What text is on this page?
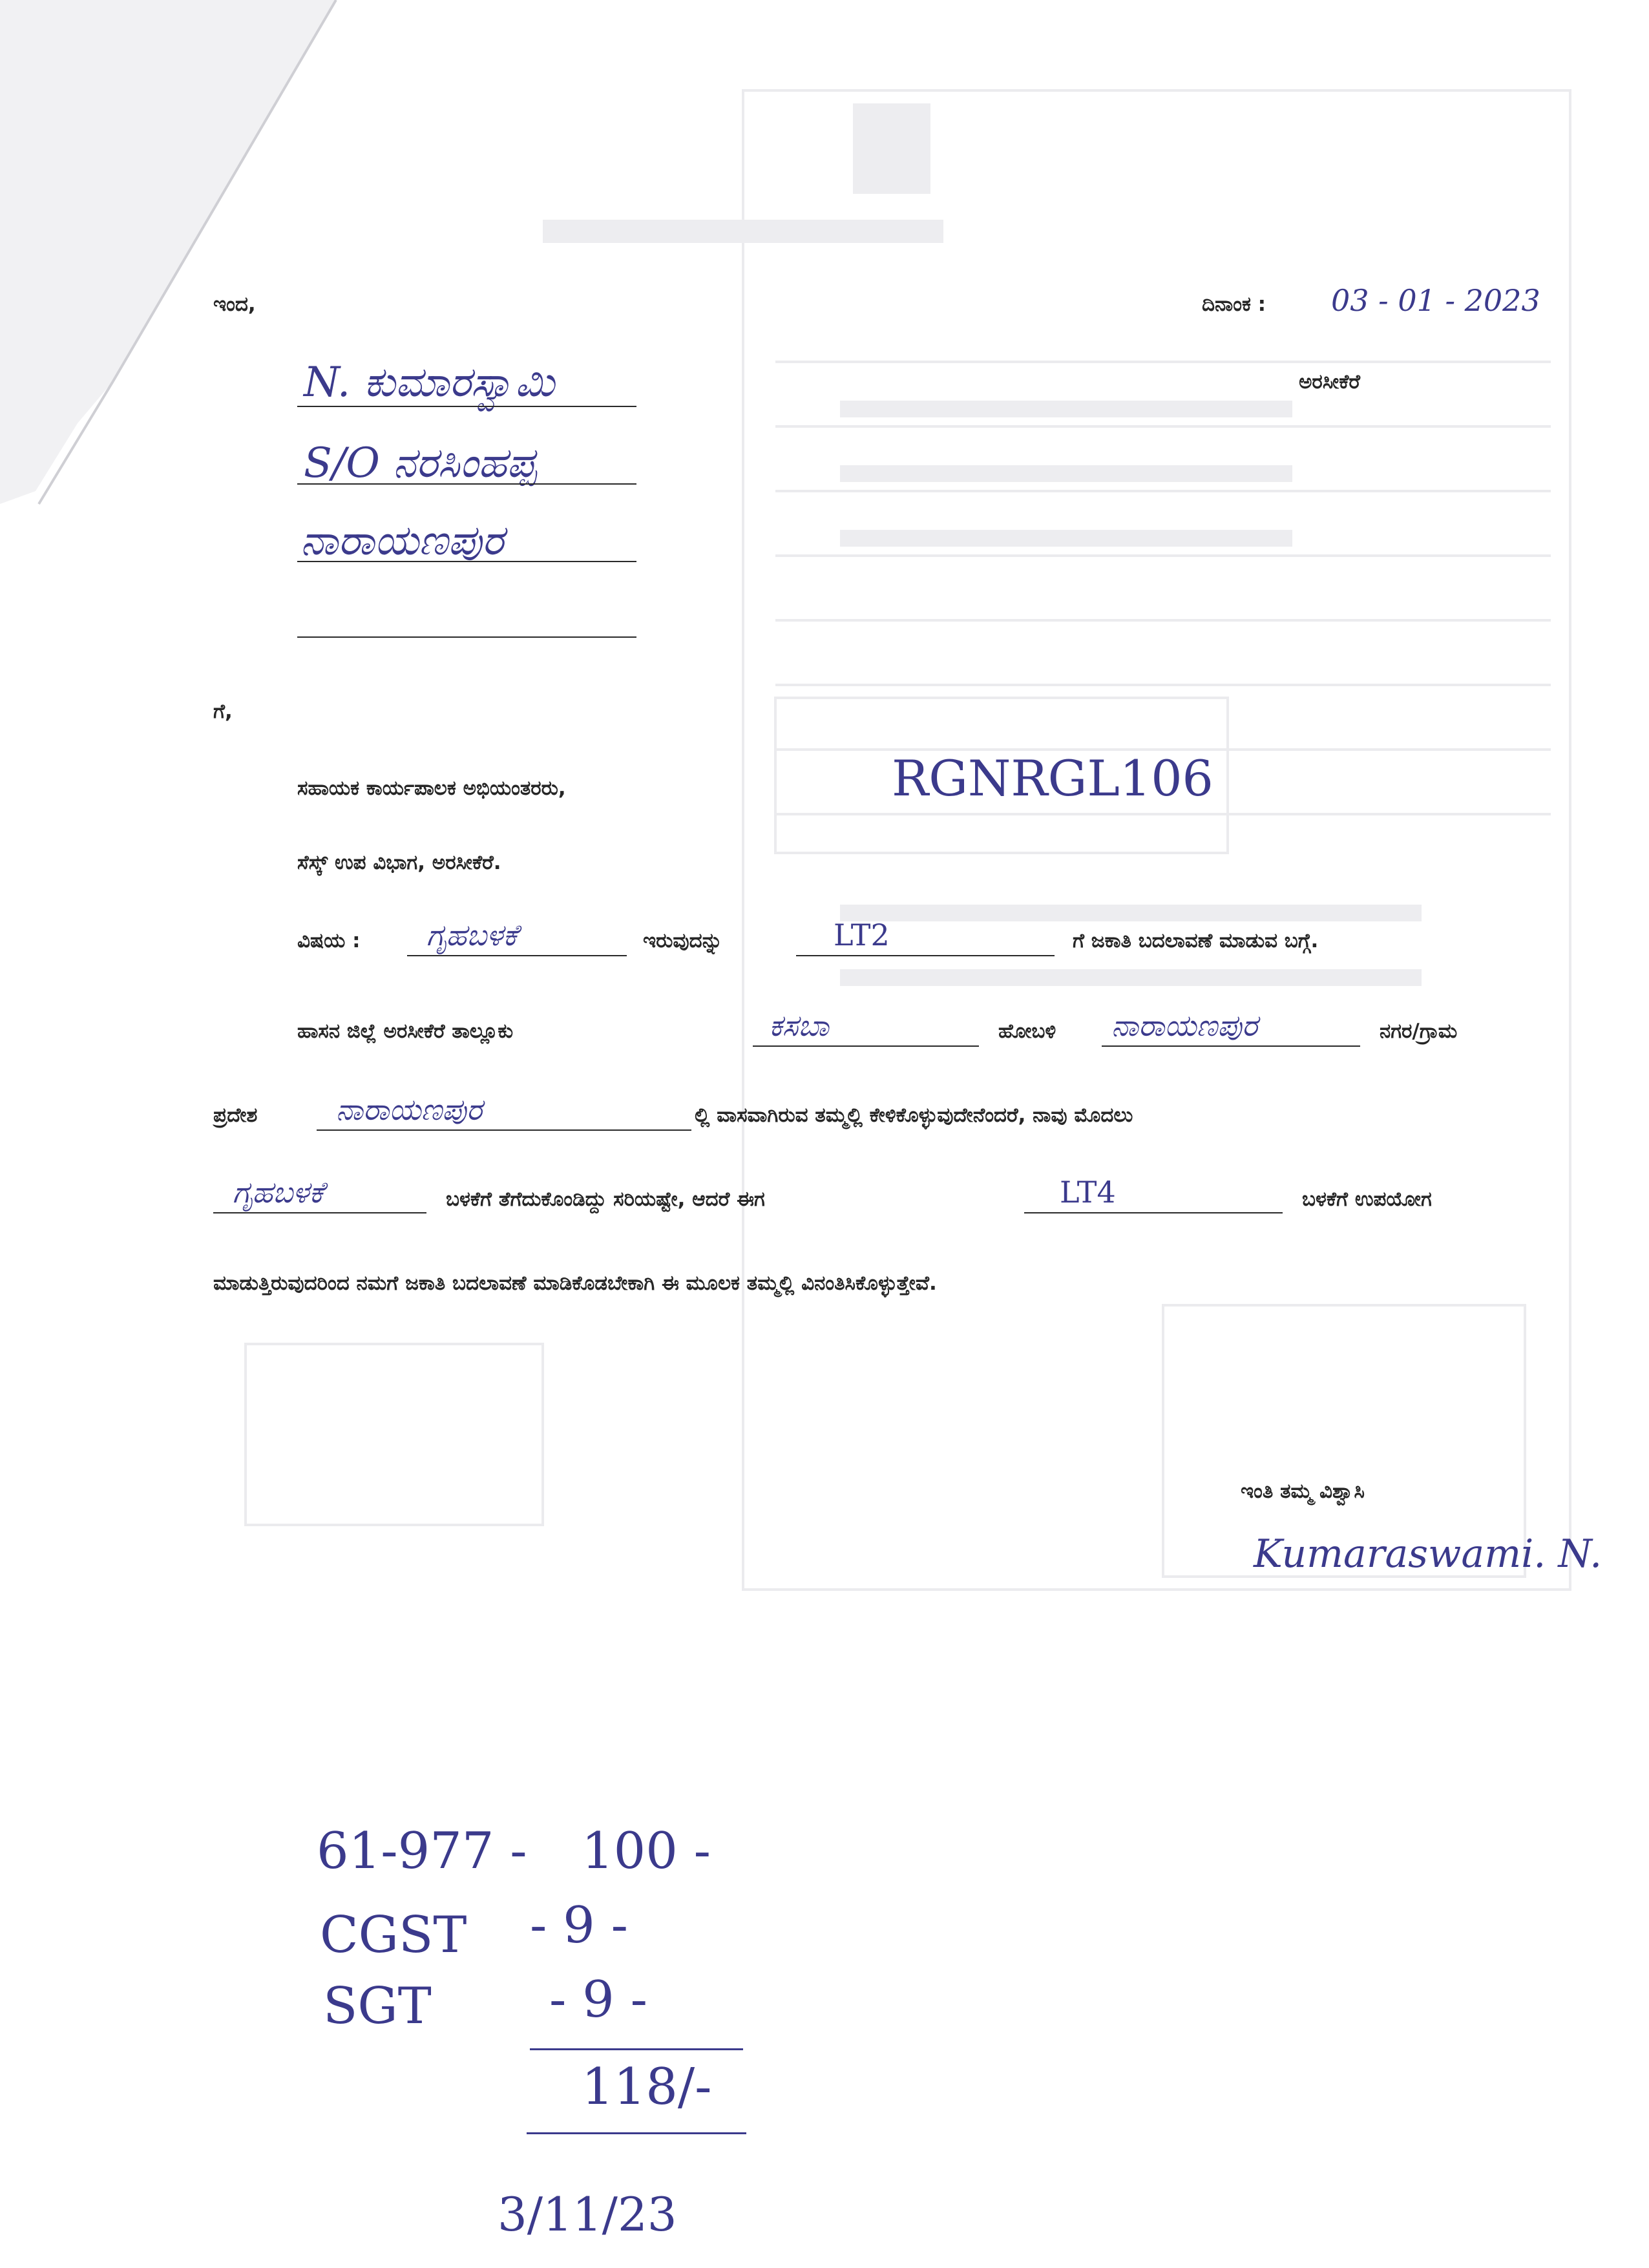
ಇಂದ,	ದಿನಾಂಕ : 03 - 01 - 2023
ಅರಸೀಕೆರೆ
N. ಕುಮಾರಸ್ವಾಮಿ
S/O ನರಸಿಂಹಪ್ಪ
ನಾರಾಯಣಪುರ
ಗೆ,
ಸಹಾಯಕ ಕಾರ್ಯಪಾಲಕ ಅಭಿಯಂತರರು,	RGNRGL106
ಸೆಸ್ಕ್ ಉಪ ವಿಭಾಗ, ಅರಸೀಕೆರೆ.
ವಿಷಯ : ಗೃಹಬಳಕೆ	ಇರುವುದನ್ನು	LT2	ಗೆ ಜಕಾತಿ ಬದಲಾವಣೆ ಮಾಡುವ ಬಗ್ಗೆ.
ಹಾಸನ ಜಿಲ್ಲೆ ಅರಸೀಕೆರೆ ತಾಲ್ಲೂಕು	ಕಸಬಾ	ಹೋಬಳಿ ನಾರಾಯಣಪುರ	ನಗರ/ಗ್ರಾಮ
ಪ್ರದೇಶ	ನಾರಾಯಣಪುರ	ಲ್ಲಿ ವಾಸವಾಗಿರುವ ತಮ್ಮಲ್ಲಿ ಕೇಳಿಕೊಳ್ಳುವುದೇನೆಂದರೆ, ನಾವು ಮೊದಲು
ಗೃಹಬಳಕೆ	ಬಳಕೆಗೆ ತೆಗೆದುಕೊಂಡಿದ್ದು ಸರಿಯಷ್ಟೇ, ಆದರೆ ಈಗ	LT4	ಬಳಕೆಗೆ ಉಪಯೋಗ
ಮಾಡುತ್ತಿರುವುದರಿಂದ ನಮಗೆ ಜಕಾತಿ ಬದಲಾವಣೆ ಮಾಡಿಕೊಡಬೇಕಾಗಿ ಈ ಮೂಲಕ ತಮ್ಮಲ್ಲಿ ವಿನಂತಿಸಿಕೊಳ್ಳುತ್ತೇವೆ.
ಇಂತಿ ತಮ್ಮ ವಿಶ್ವಾಸಿ
Kumaraswami. N.
61-977 - 100 -
CGST - 9 -
SGT - 9 -
118/-
3/11/23
